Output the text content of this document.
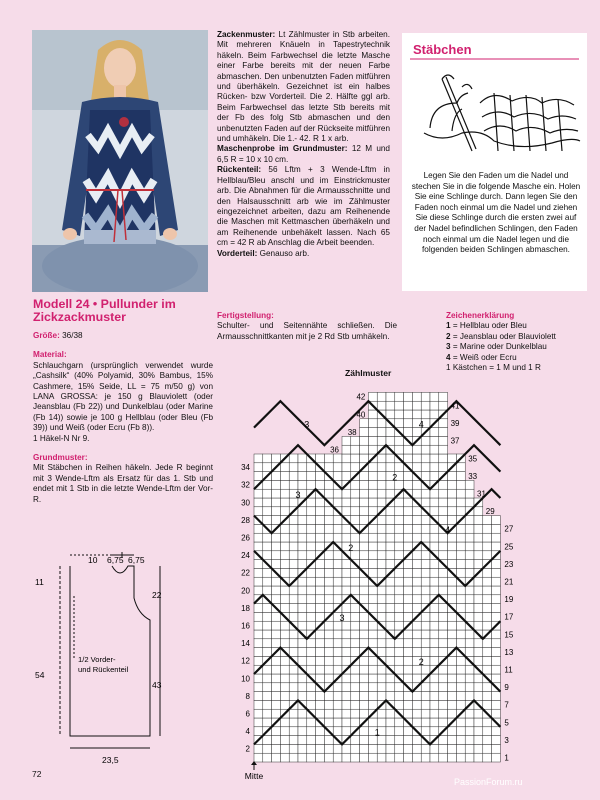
Modell 24 • Pullunder im Zickzackmuster

Größe: 36/38

Material:

Schlauchgarn (ursprünglich verwendet wurde „Cashsilk“ (40% Polyamid, 30% Bambus, 15% Cashmere, 15% Seide, LL = 75 m/50 g) von LANA GROSSA: je 150 g Blauviolett (oder Jeansblau (Fb 22)) und Dunkelblau (oder Marine (Fb 14)) sowie je 100 g Hellblau (oder Bleu (Fb 39)) und Weiß (oder Ecru (Fb 8)).

1 Häkel-N Nr 9.

Grundmuster:

Mit Stäbchen in Reihen häkeln. Jede R beginnt mit 3 Wende-Lftm als Ersatz für das 1. Stb und endet mit 1 Stb in die letzte Wende-Lftm der Vor-R.

Zackenmuster: Lt Zählmuster in Stb arbeiten. Mit mehreren Knäueln in Tapestrytechnik häkeln. Beim Farbwechsel die letzte Masche einer Farbe bereits mit der neuen Farbe abmaschen. Den unbenutzten Faden mitführen und überhäkeln. Gezeichnet ist ein halbes Rücken- bzw Vorderteil. Die 2. Hälfte ggl arb. Beim Farbwechsel das letzte Stb bereits mit der Fb des folg Stb abmaschen und den unbenutzten Faden auf der Rückseite mitführen und umhäkeln. Die 1.- 42. R 1 x arb.

Maschenprobe im Grundmuster: 12 M und 6,5 R = 10 x 10 cm.

Rückenteil: 56 Lftm + 3 Wende-Lftm in Hellblau/Bleu anschl und im Einstrickmuster arb. Die Abnahmen für die Armausschnitte und den Halsausschnitt arb wie im Zählmuster eingezeichnet arbeiten, dazu am Reihenende die Maschen mit Kettmaschen überhäkeln und am Reihenende unbehäkelt lassen. Nach 65 cm = 42 R ab Anschlag die Arbeit beenden.

Vorderteil: Genauso arb.

Stäbchen
Legen Sie den Faden um die Nadel und stechen Sie in die folgende Masche ein. Holen Sie eine Schlinge durch. Dann legen Sie den Faden noch einmal um die Nadel und ziehen Sie diese Schlinge durch die ersten zwei auf der Nadel befindlichen Schlingen, den Faden noch einmal um die Nadel legen und die folgenden beiden Schlingen abmaschen.

Fertigstellung:

Schulter- und Seitennähte schließen. Die Armausschnittkanten mit je 2 Rd Stb umhäkeln.

Zeichenerklärung

1 = Hellblau oder Bleu

2 = Jeansblau oder Blauviolett

3 = Marine oder Dunkelblau

4 = Weiß oder Ecru

1 Kästchen = 1 M und 1 R

10 6,75 6,75
11
22
54
43
1/2 Vorder-
und Rückenteil
23,5
Zählmuster
2
4
6
8
10
12
14
16
18
20
22
24
26
28
30
32
34
36
38
40
42
1
3
5
7
9
11
13
15
17
19
21
23
25
27
29
31
33
35
37
39
41
1
2
3
2
3
2
3
4
4
Mitte
72
PassionForum.ru
